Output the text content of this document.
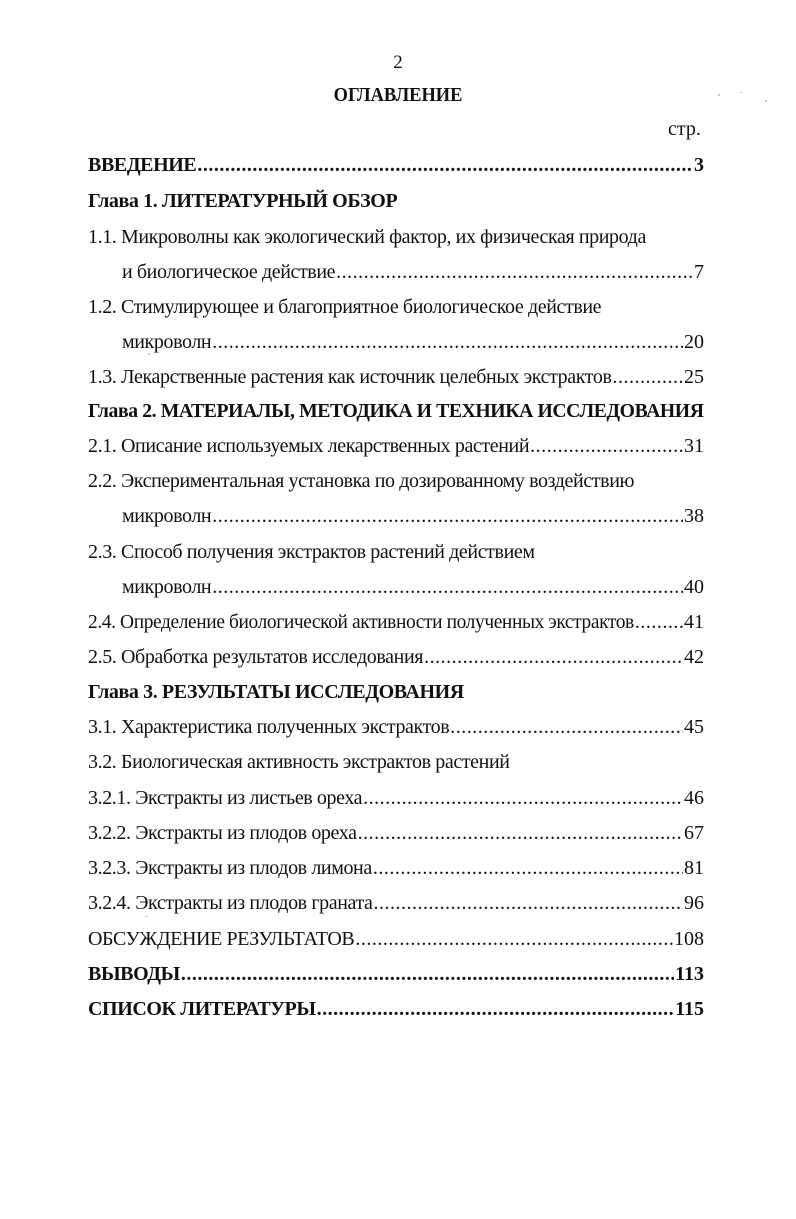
2
ОГЛАВЛЕНИЕ
стр.
ВВЕДЕНИЕ .....	3
Глава 1. ЛИТЕРАТУРНЫЙ ОБЗОР
1.1. Микроволны как экологический фактор, их физическая природа
и биологическое действие .....	7
1.2. Стимулирующее и благоприятное биологическое действие
микроволн .....	20
1.3. Лекарственные растения как источник целебных экстрактов .....	25
Глава 2. МАТЕРИАЛЫ, МЕТОДИКА И ТЕХНИКА ИССЛЕДОВАНИЯ
2.1. Описание используемых лекарственных растений .....	31
2.2. Экспериментальная установка по дозированному воздействию
микроволн .....	38
2.3. Способ получения экстрактов растений действием
микроволн .....	40
2.4. Определение биологической активности полученных экстрактов .....	41
2.5. Обработка результатов исследования .....	42
Глава 3. РЕЗУЛЬТАТЫ ИССЛЕДОВАНИЯ
3.1. Характеристика полученных экстрактов .....	45
3.2. Биологическая активность экстрактов растений
3.2.1. Экстракты из листьев ореха .....	46
3.2.2. Экстракты из плодов ореха .....	67
3.2.3. Экстракты из плодов лимона .....	81
3.2.4. Экстракты из плодов граната .....	96
ОБСУЖДЕНИЕ РЕЗУЛЬТАТОВ .....	108
ВЫВОДЫ .....	113
СПИСОК ЛИТЕРАТУРЫ .....	115
